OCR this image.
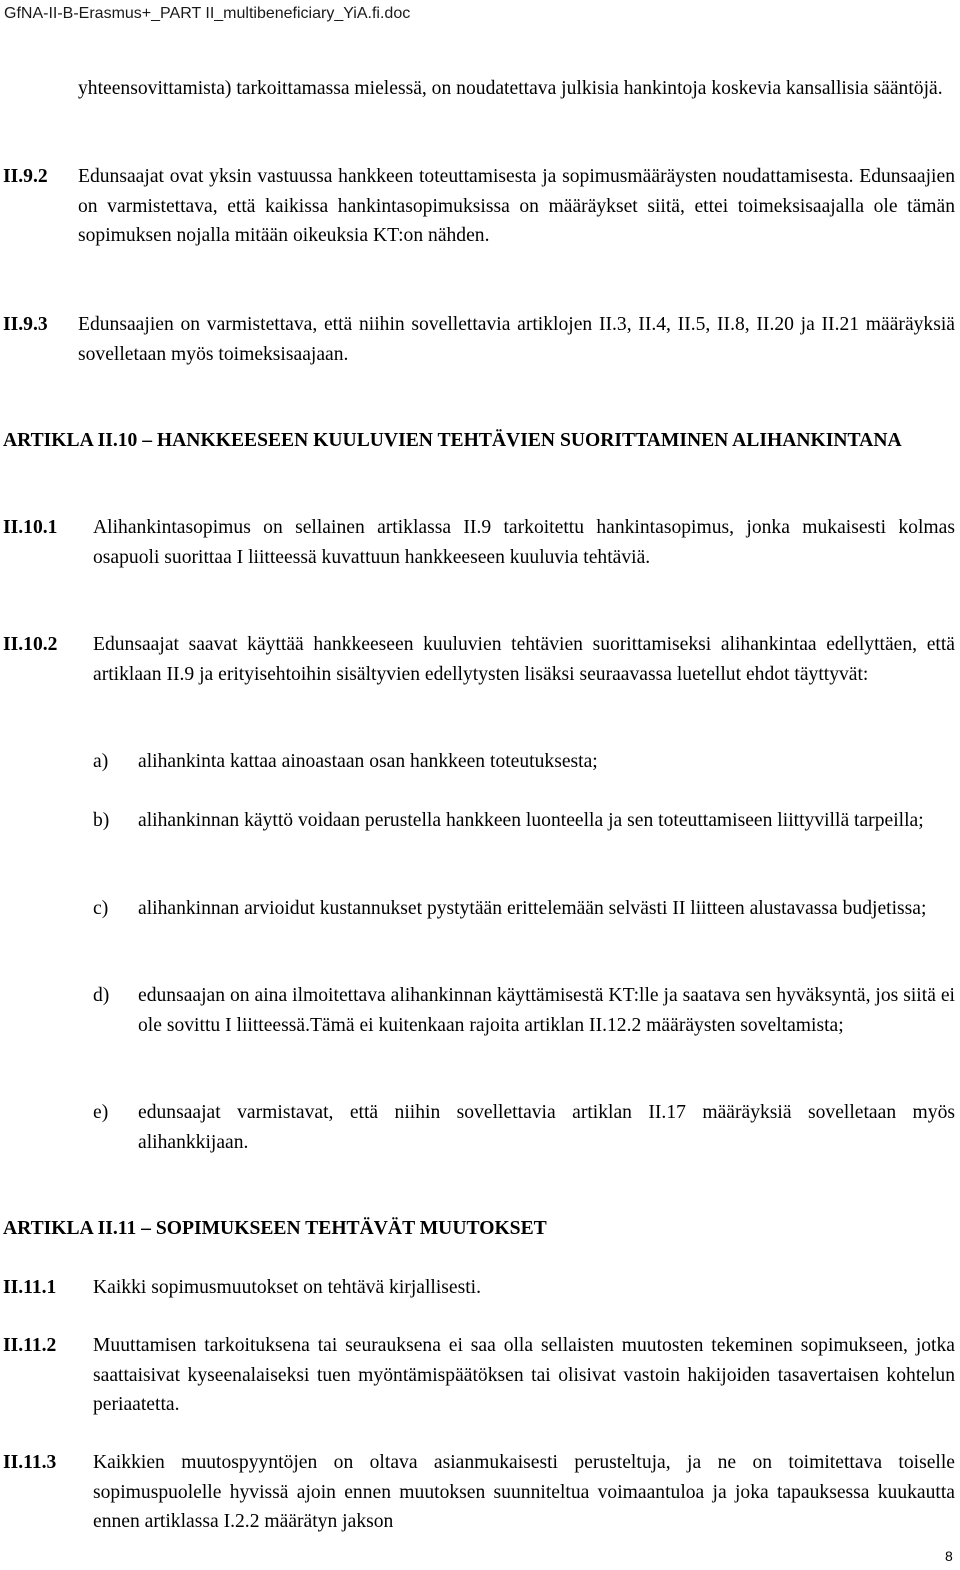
GfNA-II-B-Erasmus+_PART II_multibeneficiary_YiA.fi.doc
yhteensovittamista) tarkoittamassa mielessä, on noudatettava julkisia hankintoja koskevia kansallisia sääntöjä.
II.9.2 Edunsaajat ovat yksin vastuussa hankkeen toteuttamisesta ja sopimusmääräysten noudattamisesta. Edunsaajien on varmistettava, että kaikissa hankintasopimuksissa on määräykset siitä, ettei toimeksisaajalla ole tämän sopimuksen nojalla mitään oikeuksia KT:on nähden.
II.9.3 Edunsaajien on varmistettava, että niihin sovellettavia artiklojen II.3, II.4, II.5, II.8, II.20 ja II.21 määräyksiä sovelletaan myös toimeksisaajaan.
ARTIKLA II.10 – HANKKEESEEN KUULUVIEN TEHTÄVIEN SUORITTAMINEN ALIHANKINTANA
II.10.1 Alihankintasopimus on sellainen artiklassa II.9 tarkoitettu hankintasopimus, jonka mukaisesti kolmas osapuoli suorittaa I liitteessä kuvattuun hankkeeseen kuuluvia tehtäviä.
II.10.2 Edunsaajat saavat käyttää hankkeeseen kuuluvien tehtävien suorittamiseksi alihankintaa edellyttäen, että artiklaan II.9 ja erityisehtoihin sisältyvien edellytysten lisäksi seuraavassa luetellut ehdot täyttyvät:
a) alihankinta kattaa ainoastaan osan hankkeen toteutuksesta;
b) alihankinnan käyttö voidaan perustella hankkeen luonteella ja sen toteuttamiseen liittyvillä tarpeilla;
c) alihankinnan arvioidut kustannukset pystytään erittelemään selvästi II liitteen alustavassa budjetissa;
d) edunsaajan on aina ilmoitettava alihankinnan käyttämisestä KT:lle ja saatava sen hyväksyntä, jos siitä ei ole sovittu I liitteessä.Tämä ei kuitenkaan rajoita artiklan II.12.2 määräysten soveltamista;
e) edunsaajat varmistavat, että niihin sovellettavia artiklan II.17 määräyksiä sovelletaan myös alihankkijaan.
ARTIKLA II.11 – SOPIMUKSEEN TEHTÄVÄT MUUTOKSET
II.11.1 Kaikki sopimusmuutokset on tehtävä kirjallisesti.
II.11.2 Muuttamisen tarkoituksena tai seurauksena ei saa olla sellaisten muutosten tekeminen sopimukseen, jotka saattaisivat kyseenalaiseksi tuen myöntämispäätöksen tai olisivat vastoin hakijoiden tasavertaisen kohtelun periaatetta.
II.11.3 Kaikkien muutospyyntöjen on oltava asianmukaisesti perusteltuja, ja ne on toimitettava toiselle sopimuspuolelle hyvissä ajoin ennen muutoksen suunniteltua voimaantuloa ja joka tapauksessa kuukautta ennen artiklassa I.2.2 määrätyn jakson
8
